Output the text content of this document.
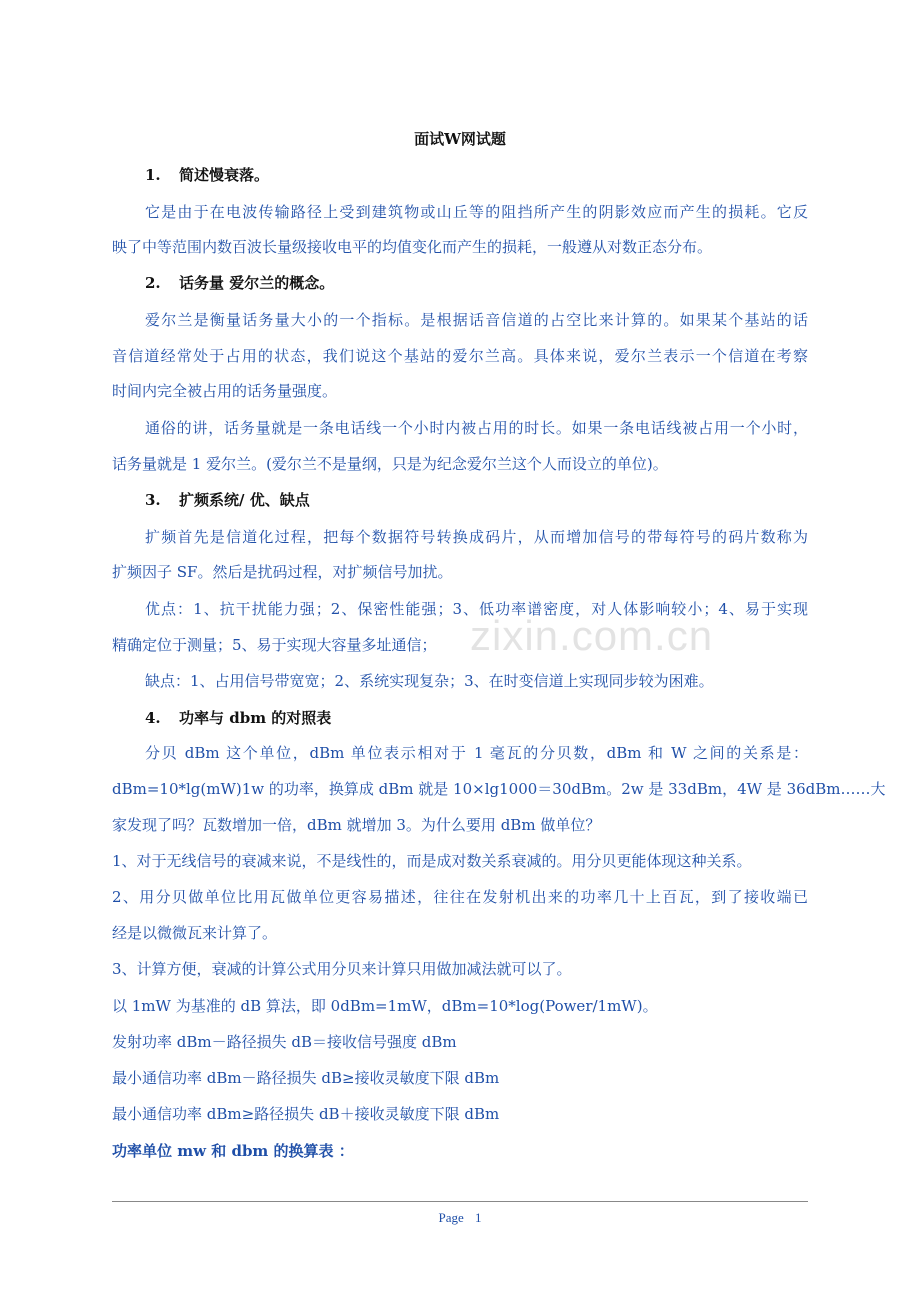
面试W网试题
1. 简述慢衰落。
它是由于在电波传输路径上受到建筑物或山丘等的阻挡所产生的阴影效应而产生的损耗。它反
映了中等范围内数百波长量级接收电平的均值变化而产生的损耗，一般遵从对数正态分布。
2. 话务量 爱尔兰的概念。
爱尔兰是衡量话务量大小的一个指标。是根据话音信道的占空比来计算的。如果某个基站的话
音信道经常处于占用的状态，我们说这个基站的爱尔兰高。具体来说，爱尔兰表示一个信道在考察
时间内完全被占用的话务量强度。
通俗的讲，话务量就是一条电话线一个小时内被占用的时长。如果一条电话线被占用一个小时，
话务量就是 1 爱尔兰。(爱尔兰不是量纲，只是为纪念爱尔兰这个人而设立的单位)。
3. 扩频系统/ 优、缺点
扩频首先是信道化过程，把每个数据符号转换成码片，从而增加信号的带每符号的码片数称为
扩频因子 SF。然后是扰码过程，对扩频信号加扰。
优点：1、抗干扰能力强；2、保密性能强；3、低功率谱密度，对人体影响较小；4、易于实现
精确定位于测量；5、易于实现大容量多址通信；
缺点：1、占用信号带宽宽；2、系统实现复杂；3、在时变信道上实现同步较为困难。
4. 功率与 dbm 的对照表
分贝 dBm 这个单位，dBm 单位表示相对于 1 毫瓦的分贝数，dBm 和 W 之间的关系是：
dBm=10*lg(mW)1w 的功率，换算成 dBm 就是 10×lg1000＝30dBm。2w 是 33dBm，4W 是 36dBm……大
家发现了吗？瓦数增加一倍，dBm 就增加 3。为什么要用 dBm 做单位？
1、对于无线信号的衰减来说，不是线性的，而是成对数关系衰减的。用分贝更能体现这种关系。
2、用分贝做单位比用瓦做单位更容易描述，往往在发射机出来的功率几十上百瓦，到了接收端已
经是以微微瓦来计算了。
3、计算方便，衰减的计算公式用分贝来计算只用做加减法就可以了。
以 1mW 为基准的 dB 算法，即 0dBm=1mW，dBm=10*log(Power/1mW)。
发射功率 dBm－路径损失 dB＝接收信号强度 dBm
最小通信功率 dBm－路径损失 dB≥接收灵敏度下限 dBm
最小通信功率 dBm≥路径损失 dB＋接收灵敏度下限 dBm
功率单位 mw 和 dbm 的换算表 ：
zixin.com.cn
Page 1
